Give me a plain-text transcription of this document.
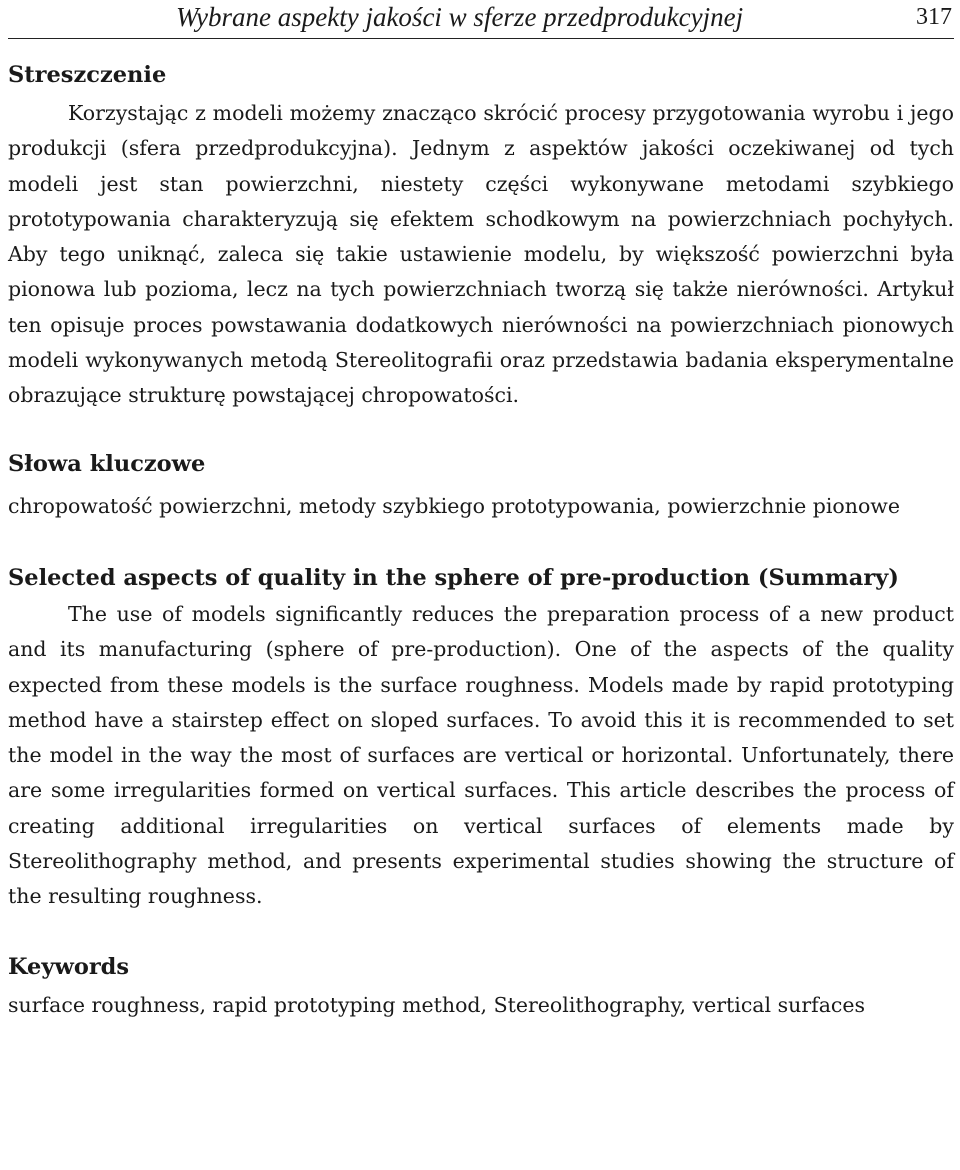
Wybrane aspekty jakości w sferze przedprodukcyjnej	317
Streszczenie

Korzystając z modeli możemy znacząco skrócić procesy przygotowania wyrobu i jego produkcji (sfera przedprodukcyjna). Jednym z aspektów jakości oczekiwanej od tych modeli jest stan powierzchni, niestety części wykonywane metodami szybkiego prototypowania charakteryzują się efektem schodkowym na powierzchniach pochyłych. Aby tego uniknąć, zaleca się takie ustawienie modelu, by większość powierzchni była pionowa lub pozioma, lecz na tych powierzchniach tworzą się także nierówności. Artykuł ten opisuje proces powstawania dodatkowych nierówności na powierzchniach pionowych modeli wykonywanych metodą Stereolitografii oraz przedstawia badania eksperymentalne obrazujące strukturę powstającej chropowatości.

Słowa kluczowe

chropowatość powierzchni, metody szybkiego prototypowania, powierzchnie pionowe

Selected aspects of quality in the sphere of pre-production (Summary)

The use of models significantly reduces the preparation process of a new product and its manufacturing (sphere of pre-production). One of the aspects of the quality expected from these models is the surface roughness. Models made by rapid prototyping method have a stairstep effect on sloped surfaces. To avoid this it is recommended to set the model in the way the most of surfaces are vertical or horizontal. Unfortunately, there are some irregularities formed on vertical surfaces. This article describes the process of creating additional irregularities on vertical surfaces of elements made by Stereolithography method, and presents experimental studies showing the structure of the resulting roughness.

Keywords

surface roughness, rapid prototyping method, Stereolithography, vertical surfaces
